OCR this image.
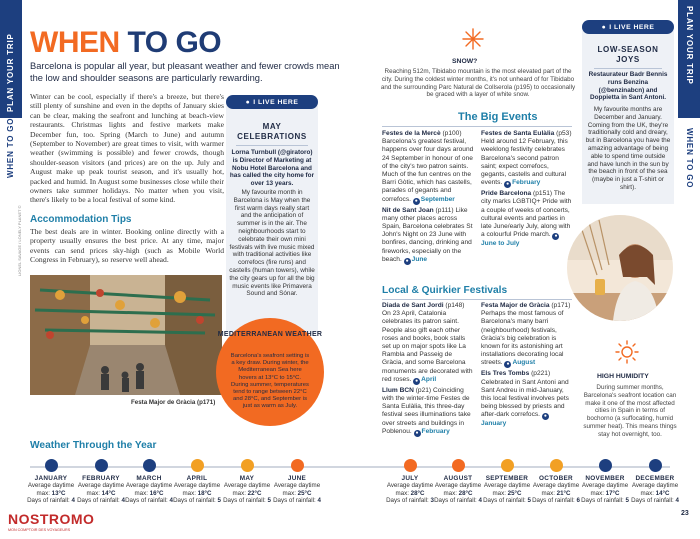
PLAN YOUR TRIP
WHEN TO GO
PLAN YOUR TRIP
WHEN TO GO
WHEN TO GO
Barcelona is popular all year, but pleasant weather and fewer crowds mean the low and shoulder seasons are particularly rewarding.
Winter can be cool, especially if there's a breeze, but there's still plenty of sunshine and even in the depths of January skies can be clear, making the seafront and lunching at beach-view restaurants. Christmas lights and festive markets make December fun, too. Spring (March to June) and autumn (September to November) are great times to visit, with warmer weather (swimming is possible) and fewer crowds, though shoulder-season visitors (and prices) are on the up. July and August make up peak tourist season, and it's usually hot, packed and humid. In August some businesses close while their owners take summer holidays. No matter when you visit, there's likely to be a local festival of some kind.
Accommodation Tips
The best deals are in winter. Booking online directly with a property usually ensures the best price. At any time, major events can send prices sky-high (such as Mobile World Congress in February), so reserve well ahead.
LIONEL SAVAGE / LONELY PLANET ©
Festa Major de Gràcia (p171)
● I LIVE HERE
MAY CELEBRATIONS
Lorna Turnbull (@giratoro) is Director of Marketing at Nobu Hotel Barcelona and has called the city home for over 13 years.
My favourite month in Barcelona is May when the first warm days really start and the anticipation of summer is in the air. The neighbourhoods start to celebrate their own mini festivals with live music mixed with traditional activities like correfocs (fire runs) and castells (human towers), while the city gears up for all the big music events like Primavera Sound and Sónar.
MEDITERRANEAN WEATHER
Barcelona's seafront setting is a key draw. During winter, the Mediterranean Sea here hovers at 13°C to 15°C. During summer, temperatures tend to range between 22°C and 28°C, and September is just as warm as July.
SNOW?
Reaching 512m, Tibidabo mountain is the most elevated part of the city. During the coldest winter months, it's not unheard of for Tibidabo and the surrounding Parc Natural de Collserola (p195) to occasionally be graced with a layer of white snow.
The Big Events
Festes de la Mercè (p100) Barcelona's greatest festival, happens over four days around 24 September in honour of one of the city's two patron saints. Much of the fun centres on the Barri Gòtic, which has castells, parades of gegants and correfocs. ● September
Nit de Sant Joan (p111) Like many other places across Spain, Barcelona celebrates St John's Night on 23 June with bonfires, dancing, drinking and fireworks, especially on the beach. ● June
Festes de Santa Eulàlia (p53) Held around 12 February, this weeklong festivity celebrates Barcelona's second patron saint; expect correfocs, gegants, castells and cultural events. ● February
Pride Barcelona (p151) The city marks LGBTIQ+ Pride with a couple of weeks of concerts, cultural events and parties in late June/early July, along with a colourful Pride march. ●June to July
● I LIVE HERE
LOW-SEASON JOYS
Restaurateur Badr Bennis runs Benzina (@benzinabcn) and Doppietta in Sant Antoni.
My favourite months are December and January. Coming from the UK, they're traditionally cold and dreary, but in Barcelona you have the amazing advantage of being able to spend time outside and have lunch in the sun by the beach in front of the sea (maybe in just a T-shirt or shirt).
Local & Quirkier Festivals
Diada de Sant Jordi (p148) On 23 April, Catalonia celebrates its patron saint. People also gift each other roses and books, book stalls set up on major spots like La Rambla and Passeig de Gràcia, and some Barcelona monuments are decorated with red roses. ● April
Llum BCN (p21) Coinciding with the winter-time Festes de Santa Eulàlia, this three-day festival sees illuminations take over streets and buildings in Poblenou. ● February
Festa Major de Gràcia (p171) Perhaps the most famous of Barcelona's many barri (neighbourhood) festivals, Gràcia's big celebration is known for its astonishing art installations decorating local streets. ● August
Els Tres Tombs (p221) Celebrated in Sant Antoni and Sant Andreu in mid-January, this local festival involves pets being blessed by priests and after-dark correfocs. ●January
HIGH HUMIDITY
During summer months, Barcelona's seafront location can make it one of the most affected cities in Spain in terms of bochorno (a suffocating, humid summer heat). This means things stay hot overnight, too.
Weather Through the Year
JANUARY
Average daytime max: 13°C
Days of rainfall: 4
FEBRUARY
Average daytime max: 14°C
Days of rainfall: 4
MARCH
Average daytime max: 16°C
Days of rainfall: 4
APRIL
Average daytime max: 18°C
Days of rainfall: 5
MAY
Average daytime max: 22°C
Days of rainfall: 5
JUNE
Average daytime max: 25°C
Days of rainfall: 4
JULY
Average daytime max: 28°C
Days of rainfall: 3
AUGUST
Average daytime max: 28°C
Days of rainfall: 4
SEPTEMBER
Average daytime max: 25°C
Days of rainfall: 5
OCTOBER
Average daytime max: 21°C
Days of rainfall: 6
NOVEMBER
Average daytime max: 17°C
Days of rainfall: 5
DECEMBER
Average daytime max: 14°C
Days of rainfall: 4
NOSTROMO
MON COMPTOIR DES VOYAGEURS
23
